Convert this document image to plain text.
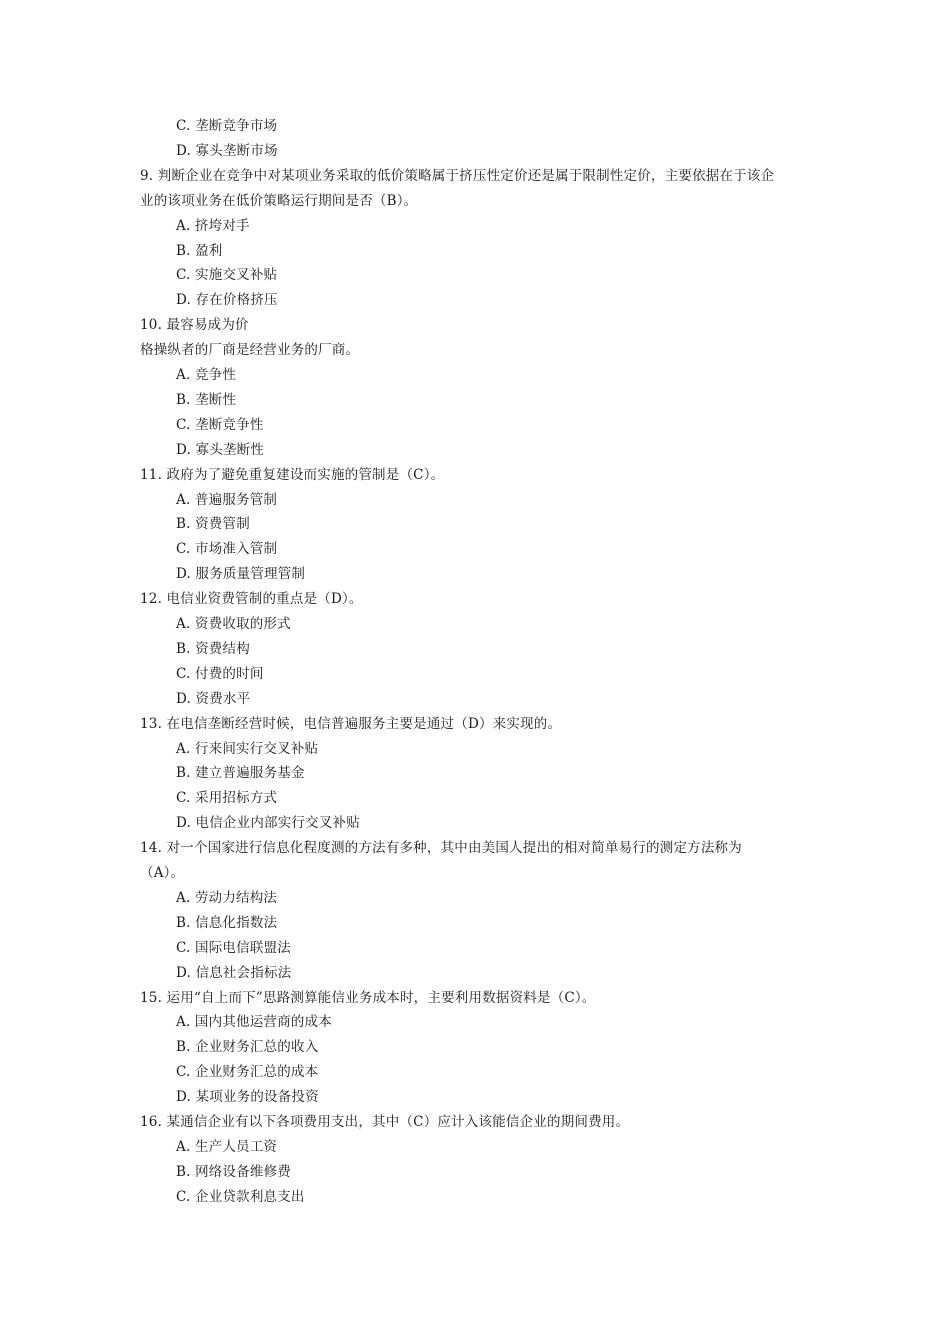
C. 垄断竞争市场
D. 寡头垄断市场
9. 判断企业在竞争中对某项业务采取的低价策略属于挤压性定价还是属于限制性定价，主要依据在于该企
业的该项业务在低价策略运行期间是否（B）。
A. 挤垮对手
B. 盈利
C. 实施交叉补贴
D. 存在价格挤压
10. 最容易成为价
格操纵者的厂商是经营业务的厂商。
A. 竞争性
B. 垄断性
C. 垄断竞争性
D. 寡头垄断性
11. 政府为了避免重复建设而实施的管制是（C）。
A. 普遍服务管制
B. 资费管制
C. 市场准入管制
D. 服务质量管理管制
12. 电信业资费管制的重点是（D）。
A. 资费收取的形式
B. 资费结构
C. 付费的时间
D. 资费水平
13. 在电信垄断经营时候，电信普遍服务主要是通过（D）来实现的。
A. 行来间实行交叉补贴
B. 建立普遍服务基金
C. 采用招标方式
D. 电信企业内部实行交叉补贴
14. 对一个国家进行信息化程度测的方法有多种，其中由美国人提出的相对简单易行的测定方法称为
（A）。
A. 劳动力结构法
B. 信息化指数法
C. 国际电信联盟法
D. 信息社会指标法
15. 运用“自上而下”思路测算能信业务成本时，主要利用数据资料是（C）。
A. 国内其他运营商的成本
B. 企业财务汇总的收入
C. 企业财务汇总的成本
D. 某项业务的设备投资
16. 某通信企业有以下各项费用支出，其中（C）应计入该能信企业的期间费用。
A. 生产人员工资
B. 网络设备维修费
C. 企业贷款利息支出
